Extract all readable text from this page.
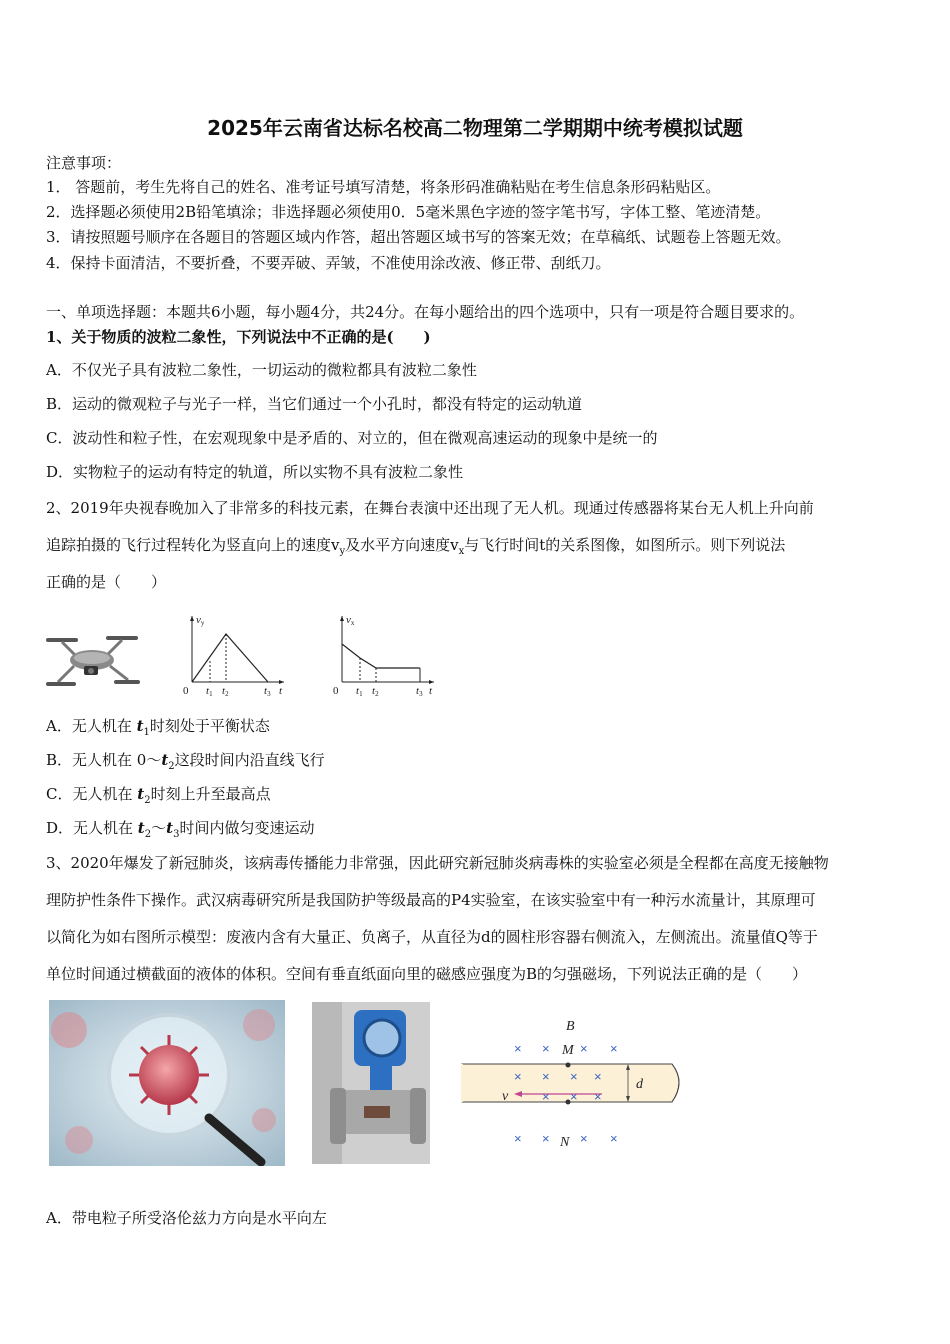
2025年云南省达标名校高二物理第二学期期中统考模拟试题
注意事项：
1． 答题前，考生先将自己的姓名、准考证号填写清楚，将条形码准确粘贴在考生信息条形码粘贴区。
2．选择题必须使用2B铅笔填涂；非选择题必须使用0．5毫米黑色字迹的签字笔书写，字体工整、笔迹清楚。
3．请按照题号顺序在各题目的答题区域内作答，超出答题区域书写的答案无效；在草稿纸、试题卷上答题无效。
4．保持卡面清洁，不要折叠，不要弄破、弄皱，不准使用涂改液、修正带、刮纸刀。
一、单项选择题：本题共6小题，每小题4分，共24分。在每小题给出的四个选项中，只有一项是符合题目要求的。
1、关于物质的波粒二象性，下列说法中不正确的是(　　)
A．不仅光子具有波粒二象性，一切运动的微粒都具有波粒二象性
B．运动的微观粒子与光子一样，当它们通过一个小孔时，都没有特定的运动轨道
C．波动性和粒子性，在宏观现象中是矛盾的、对立的，但在微观高速运动的现象中是统一的
D．实物粒子的运动有特定的轨道，所以实物不具有波粒二象性
2、2019年央视春晚加入了非常多的科技元素，在舞台表演中还出现了无人机。现通过传感器将某台无人机上升向前
追踪拍摄的飞行过程转化为竖直向上的速度$v_y$及水平方向速度$v_x$与飞行时间t的关系图像，如图所示。则下列说法
正确的是（　　）
vy
0 t1 t2	t3 t
vx
0 t1 t2	t3 t
A．无人机在 $t_1$时刻处于平衡状态
B．无人机在 $0\sim t_2$这段时间内沿直线飞行
C．无人机在 $t_2$时刻上升至最高点
D．无人机在 $t_2\sim t_3$时间内做匀变速运动
3、2020年爆发了新冠肺炎，该病毒传播能力非常强，因此研究新冠肺炎病毒株的实验室必须是全程都在高度无接触物
理防护性条件下操作。武汉病毒研究所是我国防护等级最高的P4实验室，在该实验室中有一种污水流量计，其原理可
以简化为如右图所示模型：废液内含有大量正、负离子，从直径为d的圆柱形容器右侧流入，左侧流出。流量值Q等于
单位时间通过横截面的液体的体积。空间有垂直纸面向里的磁感应强度为B的匀强磁场，下列说法正确的是（　　）
B
M
N
v
d
× × × ×
× × × ×
× × ×
× × × ×
A．带电粒子所受洛伦兹力方向是水平向左
